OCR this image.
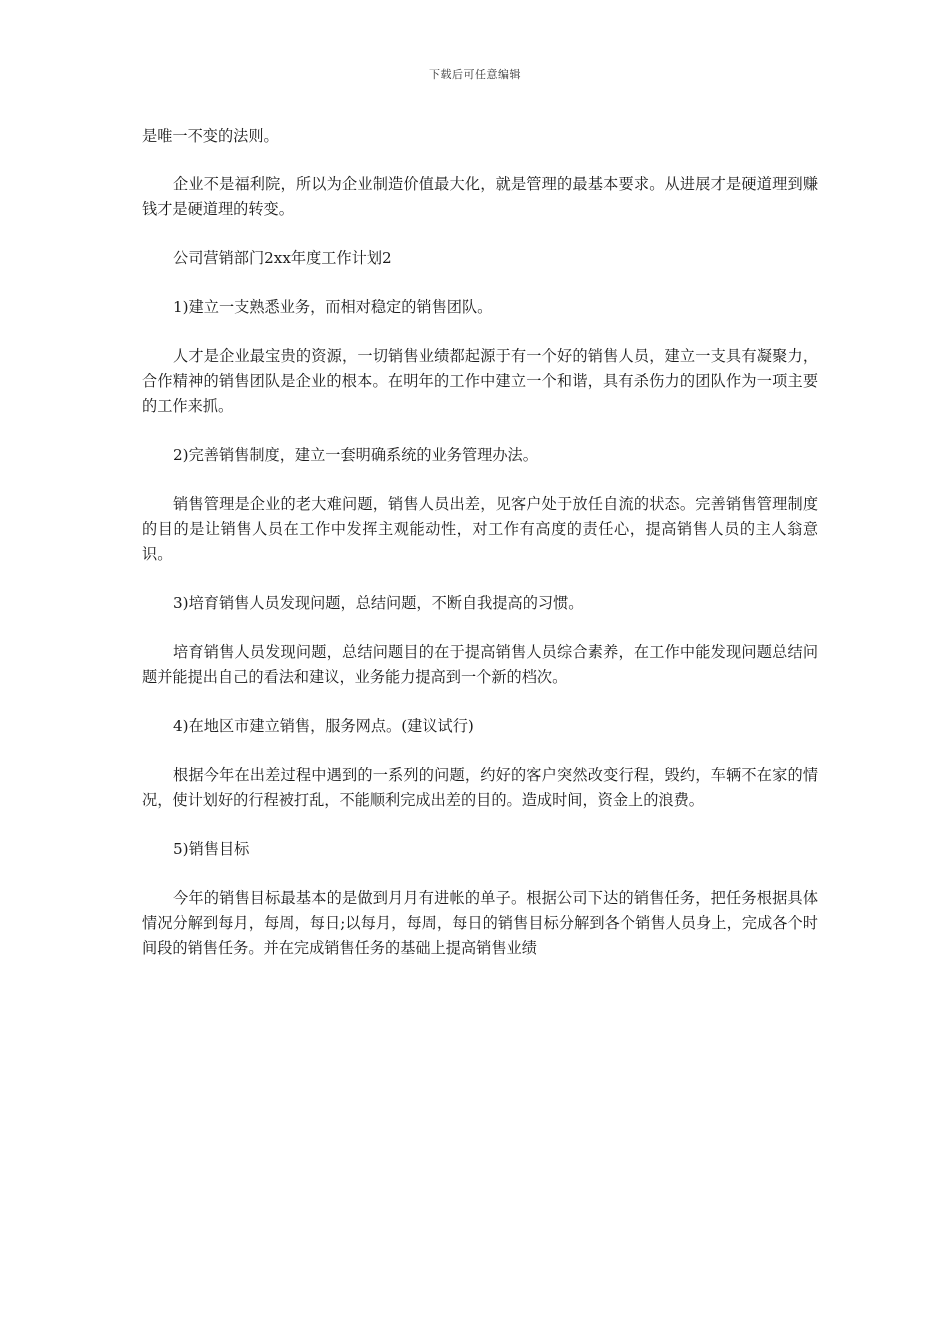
下载后可任意编辑

是唯一不变的法则。

企业不是福利院，所以为企业制造价值最大化，就是管理的最基本要求。从进展才是硬道理到赚钱才是硬道理的转变。

公司营销部门2xx年度工作计划2

1)建立一支熟悉业务，而相对稳定的销售团队。

人才是企业最宝贵的资源，一切销售业绩都起源于有一个好的销售人员，建立一支具有凝聚力，合作精神的销售团队是企业的根本。在明年的工作中建立一个和谐，具有杀伤力的团队作为一项主要的工作来抓。

2)完善销售制度，建立一套明确系统的业务管理办法。

销售管理是企业的老大难问题，销售人员出差，见客户处于放任自流的状态。完善销售管理制度的目的是让销售人员在工作中发挥主观能动性，对工作有高度的责任心，提高销售人员的主人翁意识。

3)培育销售人员发现问题，总结问题，不断自我提高的习惯。

培育销售人员发现问题，总结问题目的在于提高销售人员综合素养，在工作中能发现问题总结问题并能提出自己的看法和建议，业务能力提高到一个新的档次。

4)在地区市建立销售，服务网点。(建议试行)

根据今年在出差过程中遇到的一系列的问题，约好的客户突然改变行程，毁约，车辆不在家的情况，使计划好的行程被打乱，不能顺利完成出差的目的。造成时间，资金上的浪费。

5)销售目标

今年的销售目标最基本的是做到月月有进帐的单子。根据公司下达的销售任务，把任务根据具体情况分解到每月，每周，每日;以每月，每周，每日的销售目标分解到各个销售人员身上，完成各个时间段的销售任务。并在完成销售任务的基础上提高销售业绩
